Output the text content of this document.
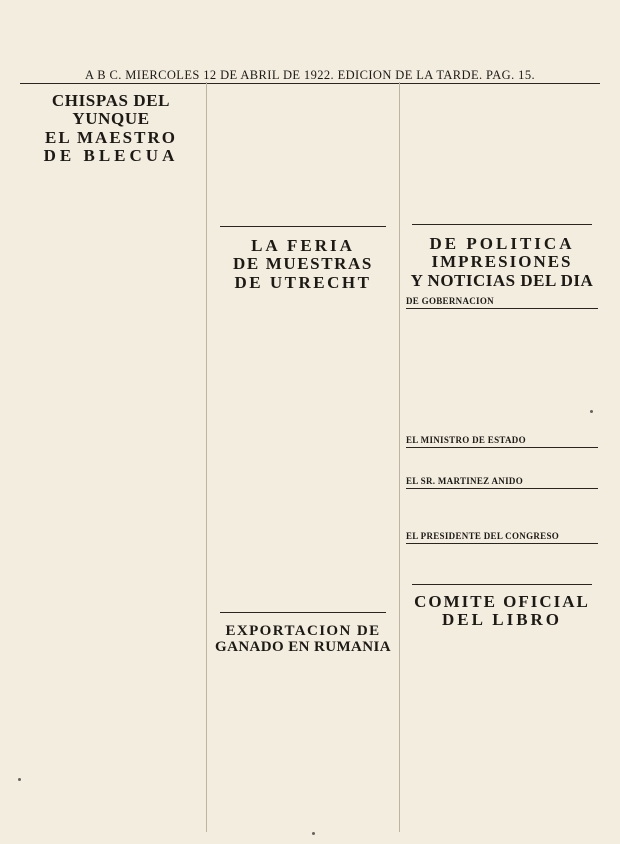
A B C. MIERCOLES 12 DE ABRIL DE 1922. EDICION DE LA TARDE. PAG. 15.

CHISPAS DEL YUNQUE

EL MAESTRO

DE BLECUA

LA FERIA

DE MUESTRAS

DE UTRECHT

EXPORTACION DE

GANADO EN RUMANIA

DE POLITICA

IMPRESIONES

Y NOTICIAS DEL DIA

DE GOBERNACION

EL MINISTRO DE ESTADO

EL SR. MARTINEZ ANIDO

EL PRESIDENTE DEL CONGRESO

COMITE OFICIAL

DEL LIBRO
